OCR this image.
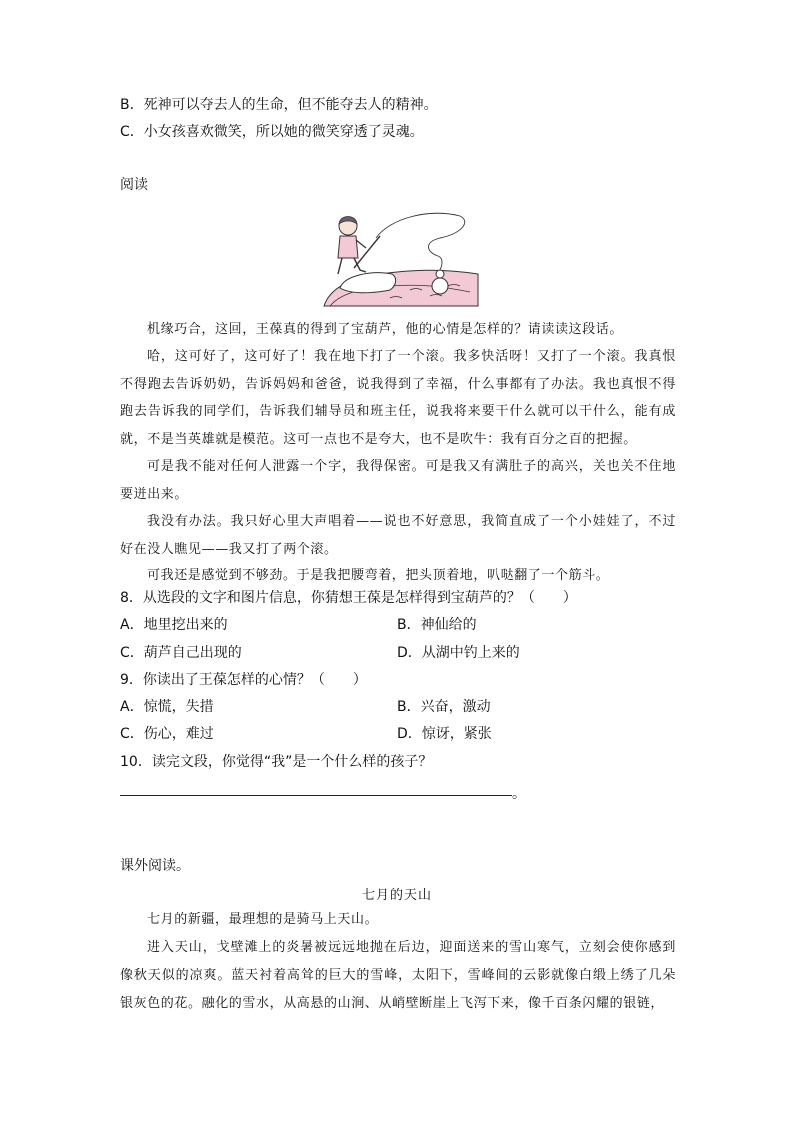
B．死神可以夺去人的生命，但不能夺去人的精神。
C．小女孩喜欢微笑，所以她的微笑穿透了灵魂。
阅读
机缘巧合，这回，王葆真的得到了宝葫芦，他的心情是怎样的？请读读这段话。
哈，这可好了，这可好了！我在地下打了一个滚。我多快活呀！又打了一个滚。我真恨不得跑去告诉奶奶，告诉妈妈和爸爸，说我得到了幸福，什么事都有了办法。我也真恨不得跑去告诉我的同学们，告诉我们辅导员和班主任，说我将来要干什么就可以干什么，能有成就，不是当英雄就是模范。这可一点也不是夸大，也不是吹牛：我有百分之百的把握。
可是我不能对任何人泄露一个字，我得保密。可是我又有满肚子的高兴，关也关不住地要迸出来。
我没有办法。我只好心里大声唱着——说也不好意思，我简直成了一个小娃娃了，不过好在没人瞧见——我又打了两个滚。
可我还是感觉到不够劲。于是我把腰弯着，把头顶着地，叭哒翻了一个筋斗。
8．从选段的文字和图片信息，你猜想王葆是怎样得到宝葫芦的？（　　）
A．地里挖出来的	B．神仙给的
C．葫芦自己出现的	D．从湖中钓上来的
9．你读出了王葆怎样的心情？（　　）
A．惊慌，失措	B．兴奋，激动
C．伤心，难过	D．惊讶，紧张
10．读完文段，你觉得“我”是一个什么样的孩子？
。
课外阅读。
七月的天山
七月的新疆，最理想的是骑马上天山。
进入天山，戈壁滩上的炎暑被远远地抛在后边，迎面送来的雪山寒气，立刻会使你感到像秋天似的凉爽。蓝天衬着高耸的巨大的雪峰，太阳下，雪峰间的云影就像白缎上绣了几朵银灰色的花。融化的雪水，从高悬的山涧、从峭壁断崖上飞泻下来，像千百条闪耀的银链，
